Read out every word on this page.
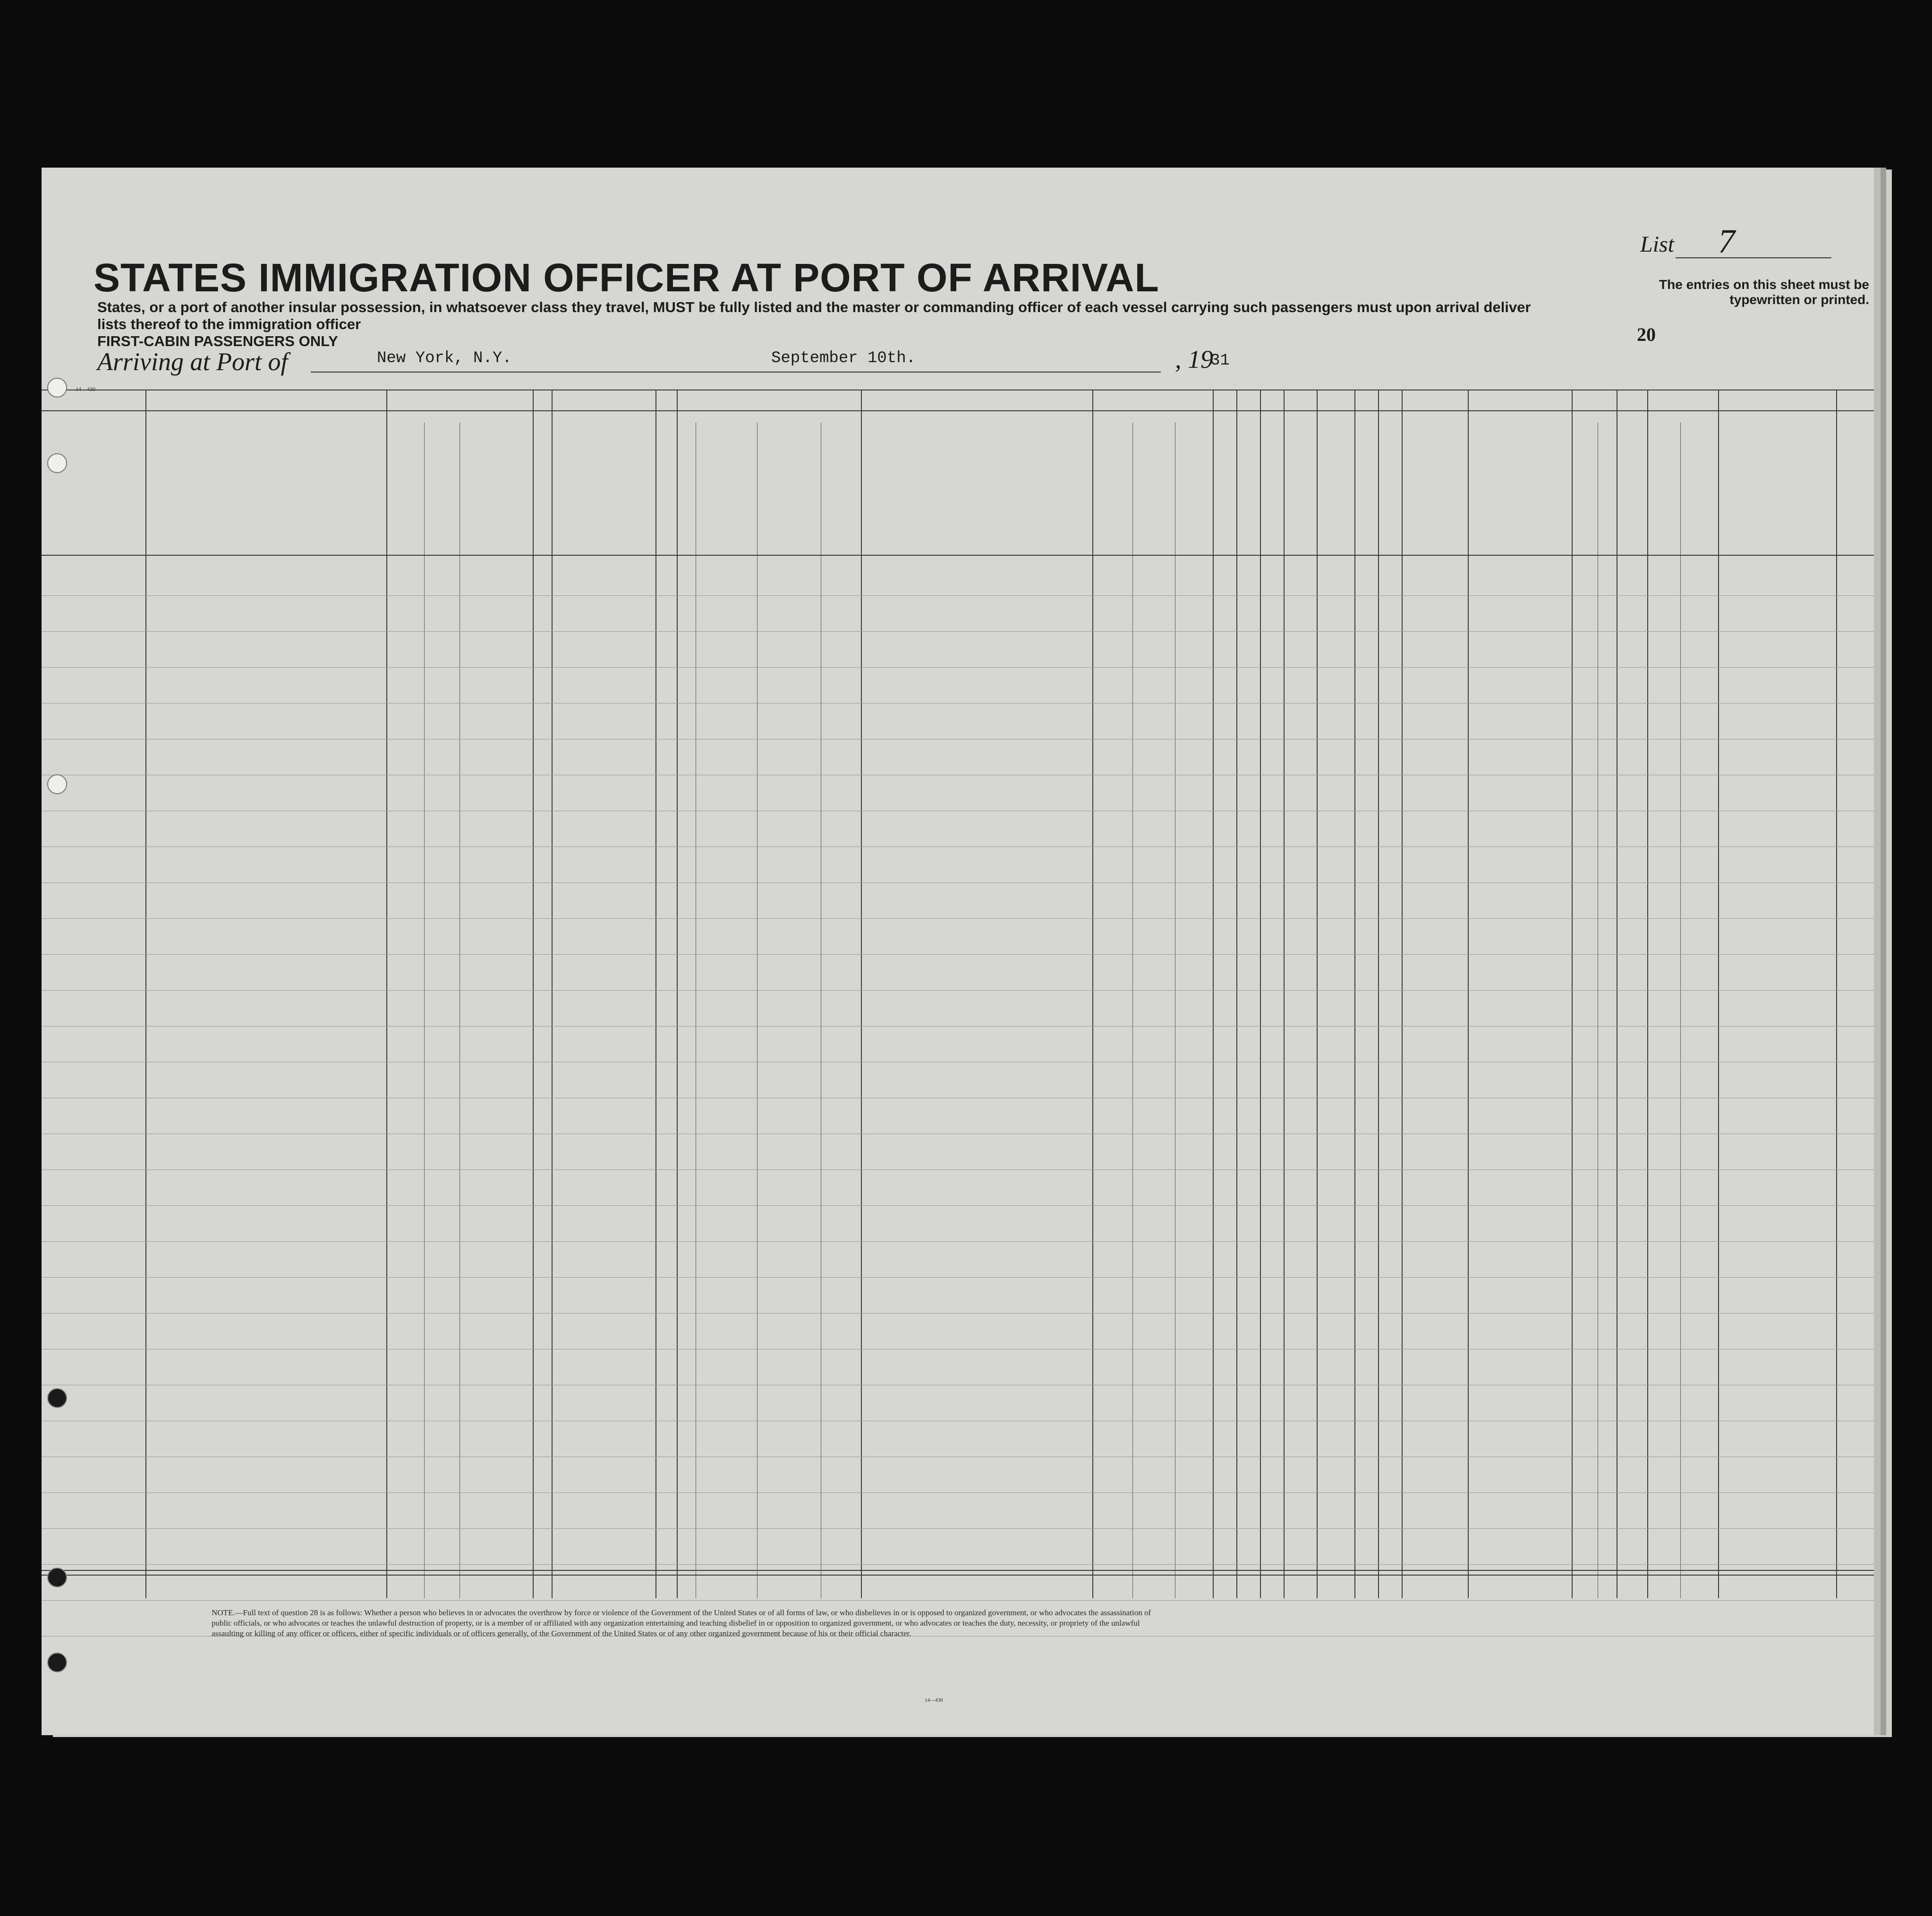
STATES IMMIGRATION OFFICER AT PORT OF ARRIVAL
States, or a port of another insular possession, in whatsoever class they travel, MUST be fully listed and the master or commanding officer of each vessel carrying such passengers must upon arrival deliver lists thereof to the immigration officer
FIRST-CABIN PASSENGERS ONLY
List 7
The entries on this sheet must be typewritten or printed.
20
Arriving at Port of	New York, N.Y.	September 10th.	, 19
31
14—430
NOTE.—Full text of question 28 is as follows: Whether a person who believes in or advocates the overthrow by force or violence of the Government of the United States or of all forms of law, or who disbelieves in or is opposed to organized government, or who advocates the assassination of public officials, or who advocates or teaches the unlawful destruction of property, or is a member of or affiliated with any organization entertaining and teaching disbelief in or opposition to organized government, or who advocates or teaches the duty, necessity, or propriety of the unlawful assaulting or killing of any officer or officers, either of specific individuals or of officers generally, of the Government of the United States or of any other organized government because of his or their official character.
14—430
